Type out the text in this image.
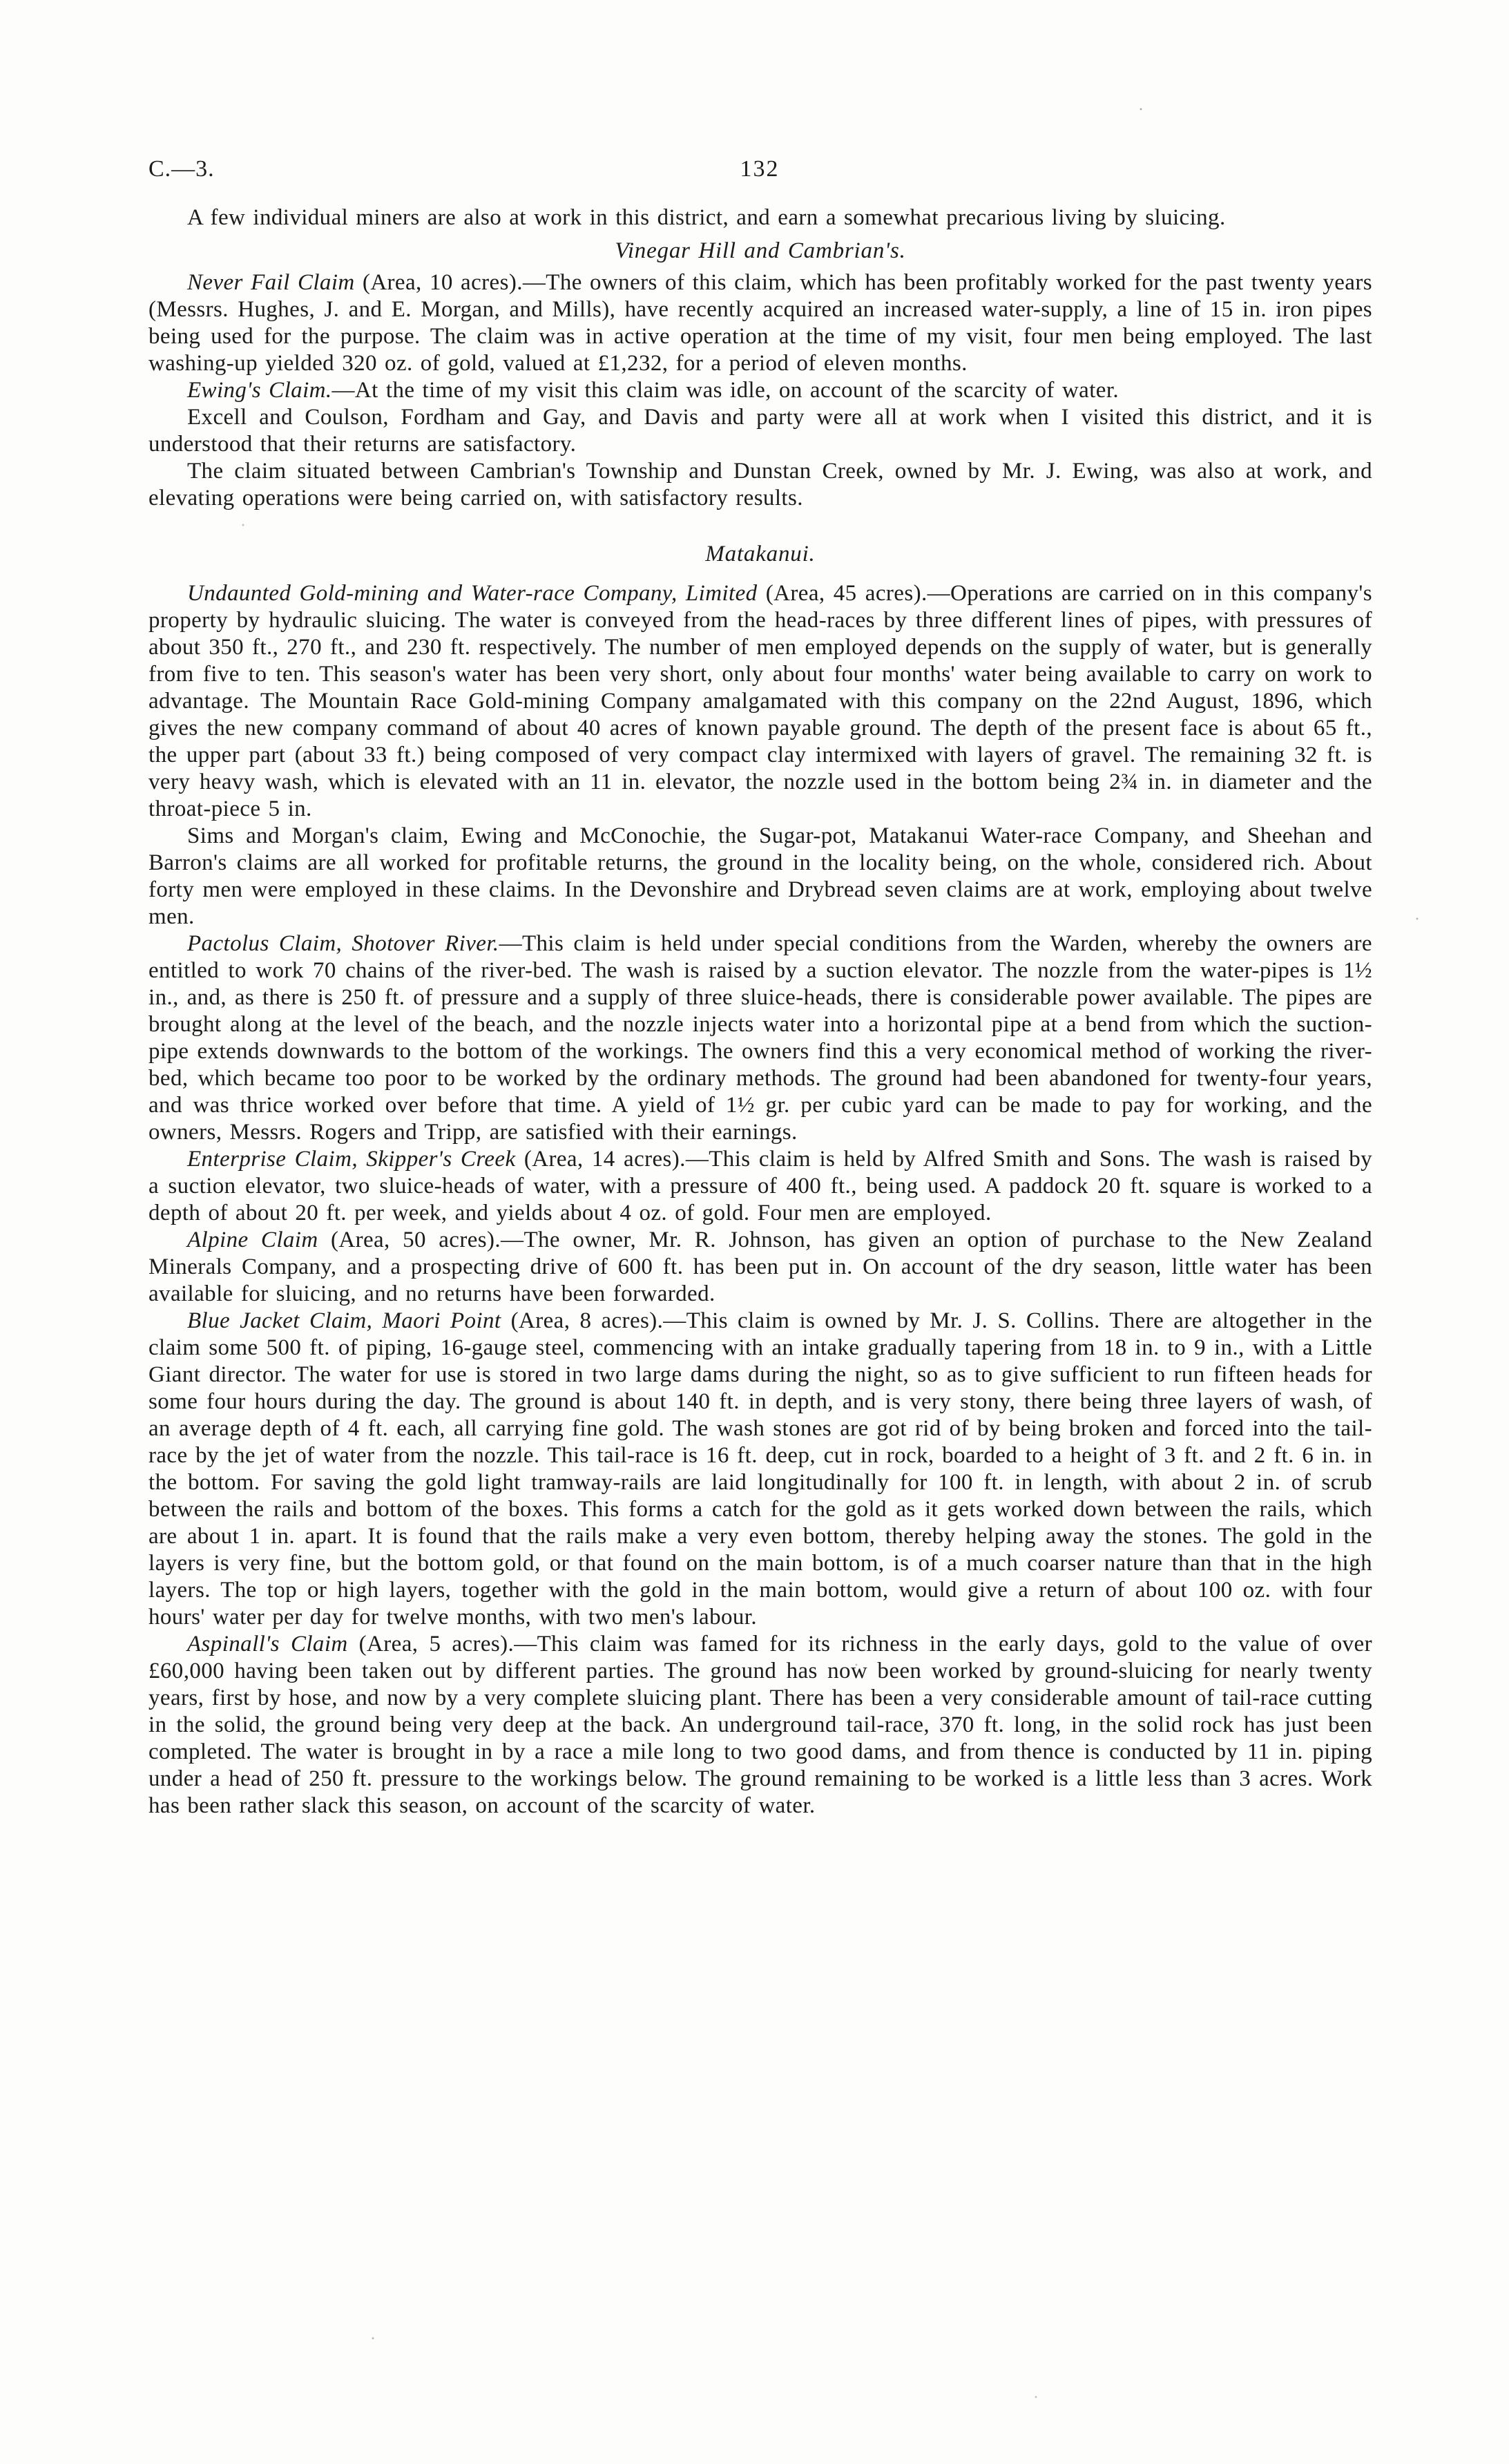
C.—3.	132

A few individual miners are also at work in this district, and earn a somewhat precarious living by sluicing.

Vinegar Hill and Cambrian's.

Never Fail Claim (Area, 10 acres).—The owners of this claim, which has been profitably worked for the past twenty years (Messrs. Hughes, J. and E. Morgan, and Mills), have recently acquired an increased water-supply, a line of 15 in. iron pipes being used for the purpose. The claim was in active operation at the time of my visit, four men being employed. The last washing-up yielded 320 oz. of gold, valued at £1,232, for a period of eleven months.

Ewing's Claim.—At the time of my visit this claim was idle, on account of the scarcity of water.

Excell and Coulson, Fordham and Gay, and Davis and party were all at work when I visited this district, and it is understood that their returns are satisfactory.

The claim situated between Cambrian's Township and Dunstan Creek, owned by Mr. J. Ewing, was also at work, and elevating operations were being carried on, with satisfactory results.

Matakanui.

Undaunted Gold-mining and Water-race Company, Limited (Area, 45 acres).—Operations are carried on in this company's property by hydraulic sluicing. The water is conveyed from the head-races by three different lines of pipes, with pressures of about 350 ft., 270 ft., and 230 ft. respectively. The number of men employed depends on the supply of water, but is generally from five to ten. This season's water has been very short, only about four months' water being available to carry on work to advantage. The Mountain Race Gold-mining Company amalgamated with this company on the 22nd August, 1896, which gives the new company command of about 40 acres of known payable ground. The depth of the present face is about 65 ft., the upper part (about 33 ft.) being composed of very compact clay intermixed with layers of gravel. The remaining 32 ft. is very heavy wash, which is elevated with an 11 in. elevator, the nozzle used in the bottom being 2¾ in. in diameter and the throat-piece 5 in.

Sims and Morgan's claim, Ewing and McConochie, the Sugar-pot, Matakanui Water-race Company, and Sheehan and Barron's claims are all worked for profitable returns, the ground in the locality being, on the whole, considered rich. About forty men were employed in these claims. In the Devonshire and Drybread seven claims are at work, employing about twelve men.

Pactolus Claim, Shotover River.—This claim is held under special conditions from the Warden, whereby the owners are entitled to work 70 chains of the river-bed. The wash is raised by a suction elevator. The nozzle from the water-pipes is 1½ in., and, as there is 250 ft. of pressure and a supply of three sluice-heads, there is considerable power available. The pipes are brought along at the level of the beach, and the nozzle injects water into a horizontal pipe at a bend from which the suction-pipe extends downwards to the bottom of the workings. The owners find this a very economical method of working the river-bed, which became too poor to be worked by the ordinary methods. The ground had been abandoned for twenty-four years, and was thrice worked over before that time. A yield of 1½ gr. per cubic yard can be made to pay for working, and the owners, Messrs. Rogers and Tripp, are satisfied with their earnings.

Enterprise Claim, Skipper's Creek (Area, 14 acres).—This claim is held by Alfred Smith and Sons. The wash is raised by a suction elevator, two sluice-heads of water, with a pressure of 400 ft., being used. A paddock 20 ft. square is worked to a depth of about 20 ft. per week, and yields about 4 oz. of gold. Four men are employed.

Alpine Claim (Area, 50 acres).—The owner, Mr. R. Johnson, has given an option of purchase to the New Zealand Minerals Company, and a prospecting drive of 600 ft. has been put in. On account of the dry season, little water has been available for sluicing, and no returns have been forwarded.

Blue Jacket Claim, Maori Point (Area, 8 acres).—This claim is owned by Mr. J. S. Collins. There are altogether in the claim some 500 ft. of piping, 16-gauge steel, commencing with an intake gradually tapering from 18 in. to 9 in., with a Little Giant director. The water for use is stored in two large dams during the night, so as to give sufficient to run fifteen heads for some four hours during the day. The ground is about 140 ft. in depth, and is very stony, there being three layers of wash, of an average depth of 4 ft. each, all carrying fine gold. The wash stones are got rid of by being broken and forced into the tail-race by the jet of water from the nozzle. This tail-race is 16 ft. deep, cut in rock, boarded to a height of 3 ft. and 2 ft. 6 in. in the bottom. For saving the gold light tramway-rails are laid longitudinally for 100 ft. in length, with about 2 in. of scrub between the rails and bottom of the boxes. This forms a catch for the gold as it gets worked down between the rails, which are about 1 in. apart. It is found that the rails make a very even bottom, thereby helping away the stones. The gold in the layers is very fine, but the bottom gold, or that found on the main bottom, is of a much coarser nature than that in the high layers. The top or high layers, together with the gold in the main bottom, would give a return of about 100 oz. with four hours' water per day for twelve months, with two men's labour.

Aspinall's Claim (Area, 5 acres).—This claim was famed for its richness in the early days, gold to the value of over £60,000 having been taken out by different parties. The ground has now been worked by ground-sluicing for nearly twenty years, first by hose, and now by a very complete sluicing plant. There has been a very considerable amount of tail-race cutting in the solid, the ground being very deep at the back. An underground tail-race, 370 ft. long, in the solid rock has just been completed. The water is brought in by a race a mile long to two good dams, and from thence is conducted by 11 in. piping under a head of 250 ft. pressure to the workings below. The ground remaining to be worked is a little less than 3 acres. Work has been rather slack this season, on account of the scarcity of water.
